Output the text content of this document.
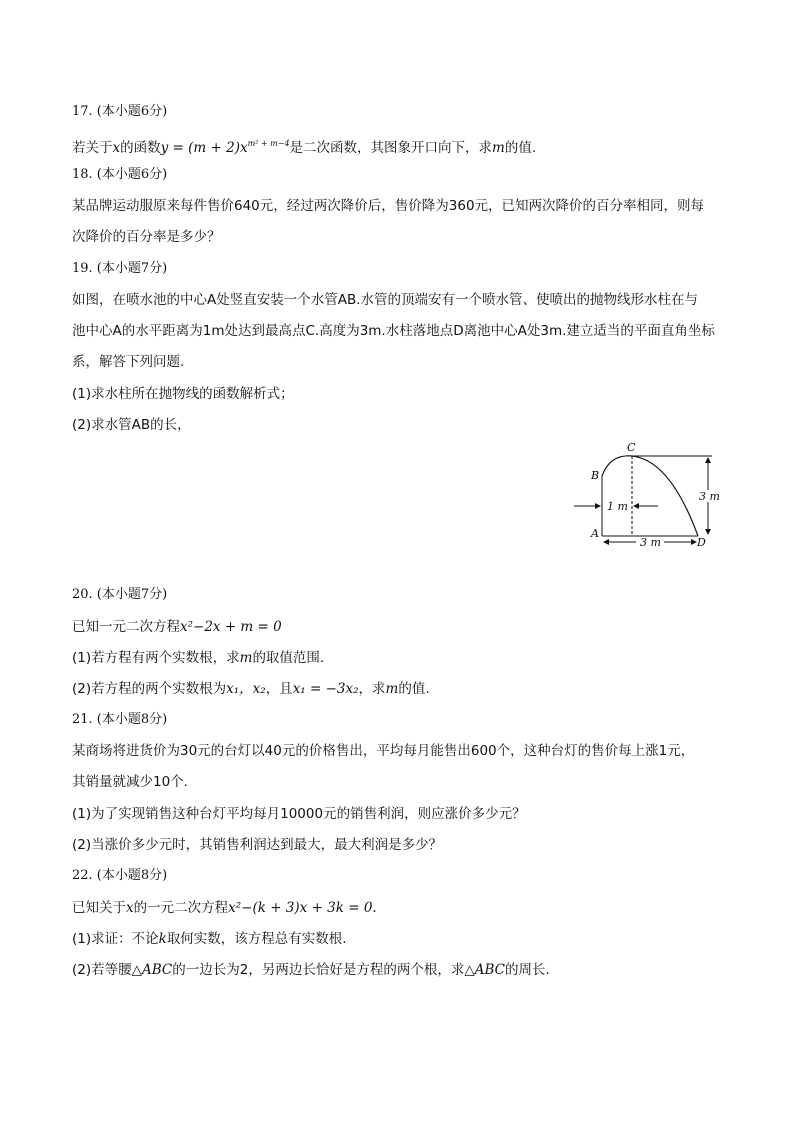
17. (本小题6分)
若关于x的函数$y = (m + 2)x^{m^2 + m-4}$是二次函数，其图象开口向下，求m的值.
18. (本小题6分)
某品牌运动服原来每件售价640元，经过两次降价后，售价降为360元，已知两次降价的百分率相同，则每
次降价的百分率是多少？
19. (本小题7分)
如图，在喷水池的中心A处竖直安装一个水管AB.水管的顶端安有一个喷水管、使喷出的抛物线形水柱在与
池中心A的水平距离为1m处达到最高点C.高度为3m.水柱落地点D离池中心A处3m.建立适当的平面直角坐标
系，解答下列问题.
(1)求水柱所在抛物线的函数解析式；
(2)求水管AB的长，
B
C
A
D
1 m
3 m
3 m
20. (本小题7分)
已知一元二次方程x²−2x + m = 0
(1)若方程有两个实数根，求m的取值范围.
(2)若方程的两个实数根为x₁，x₂，且x₁ = −3x₂，求m的值.
21. (本小题8分)
某商场将进货价为30元的台灯以40元的价格售出，平均每月能售出600个，这种台灯的售价每上涨1元，
其销量就减少10个.
(1)为了实现销售这种台灯平均每月10000元的销售利润，则应涨价多少元？
(2)当涨价多少元时，其销售利润达到最大，最大利润是多少？
22. (本小题8分)
已知关于x的一元二次方程x²−(k + 3)x + 3k = 0.
(1)求证：不论k取何实数，该方程总有实数根.
(2)若等腰△ABC的一边长为2，另两边长恰好是方程的两个根，求△ABC的周长.
